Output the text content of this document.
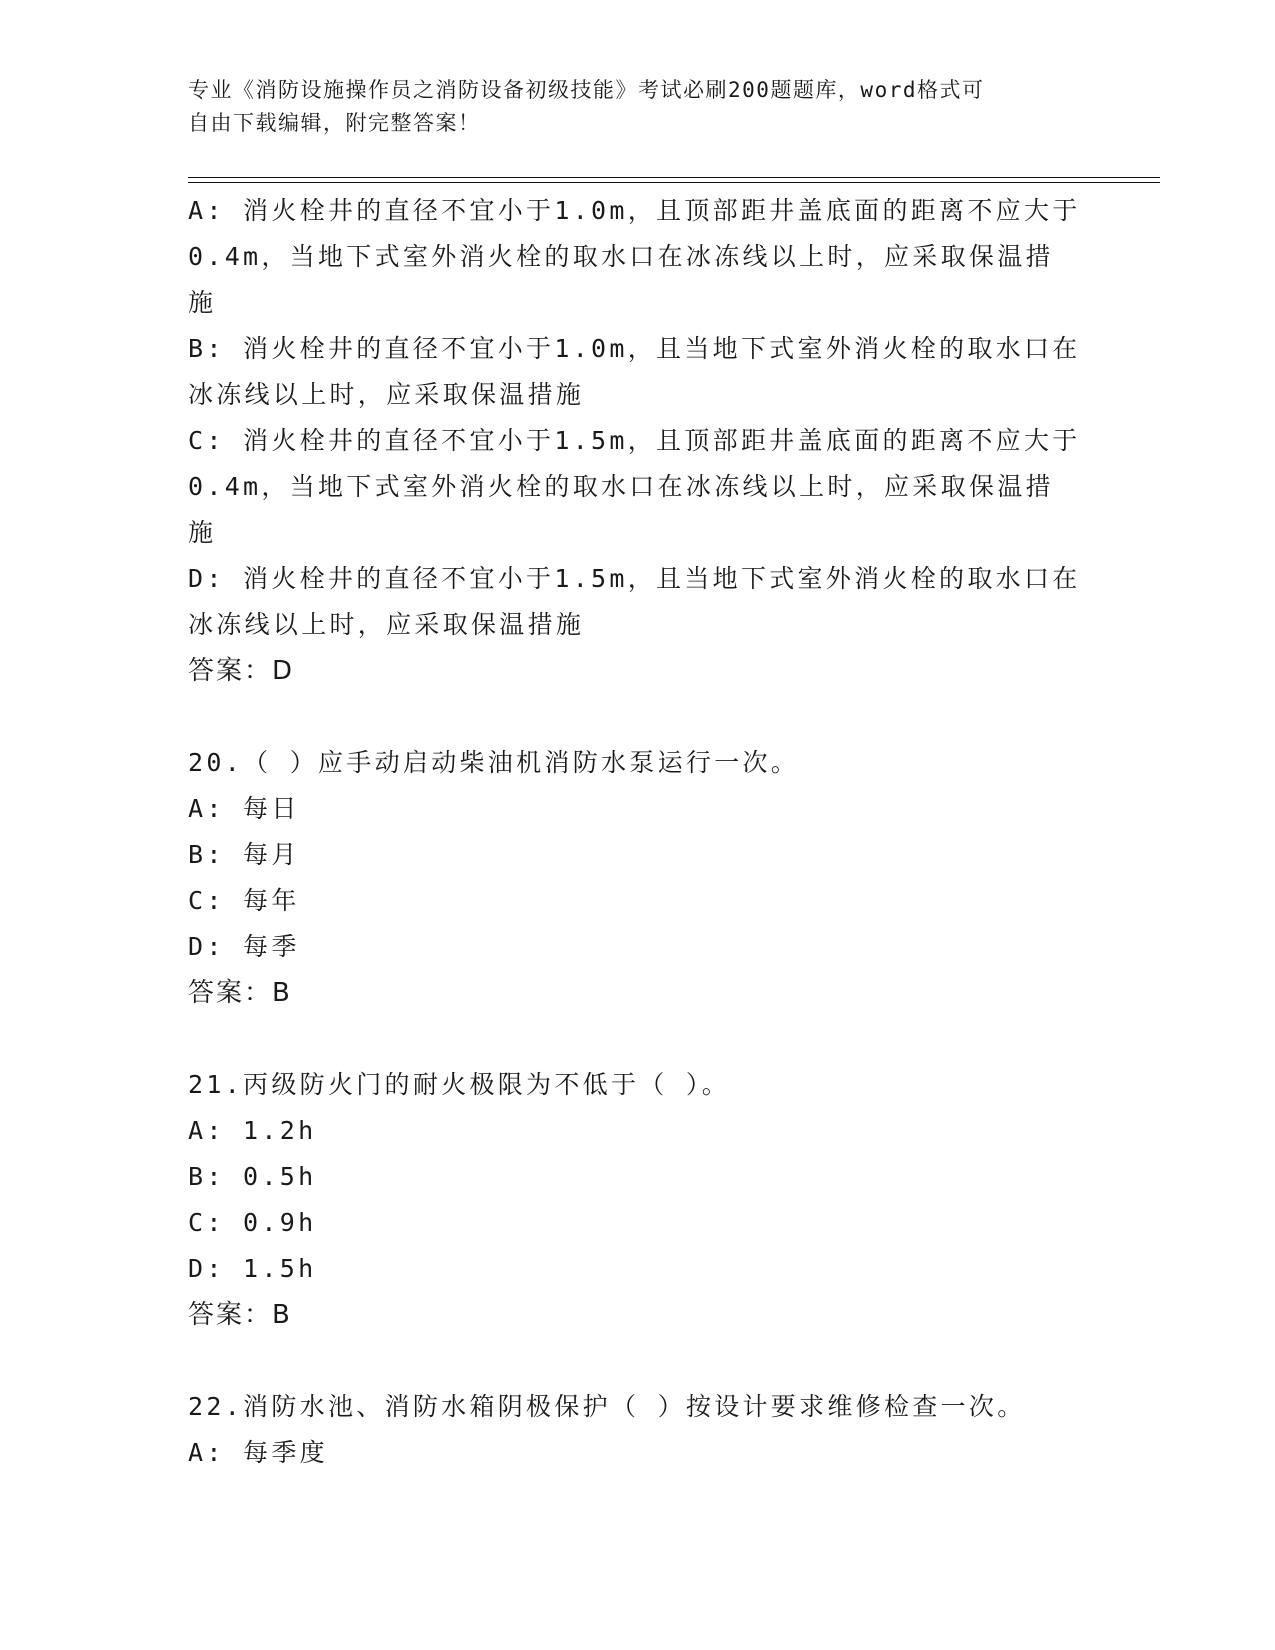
专业《消防设施操作员之消防设备初级技能》考试必刷200题题库，word格式可
自由下载编辑，附完整答案！
A: 消火栓井的直径不宜小于1.0m，且顶部距井盖底面的距离不应大于
0.4m，当地下式室外消火栓的取水口在冰冻线以上时，应采取保温措
施
B: 消火栓井的直径不宜小于1.0m，且当地下式室外消火栓的取水口在
冰冻线以上时，应采取保温措施
C: 消火栓井的直径不宜小于1.5m，且顶部距井盖底面的距离不应大于
0.4m，当地下式室外消火栓的取水口在冰冻线以上时，应采取保温措
施
D: 消火栓井的直径不宜小于1.5m，且当地下式室外消火栓的取水口在
冰冻线以上时，应采取保温措施
答案：D
20.（ ）应手动启动柴油机消防水泵运行一次。
A: 每日
B: 每月
C: 每年
D: 每季
答案：B
21.丙级防火门的耐火极限为不低于（ ）。
A: 1.2h
B: 0.5h
C: 0.9h
D: 1.5h
答案：B
22.消防水池、消防水箱阴极保护（ ）按设计要求维修检查一次。
A: 每季度
